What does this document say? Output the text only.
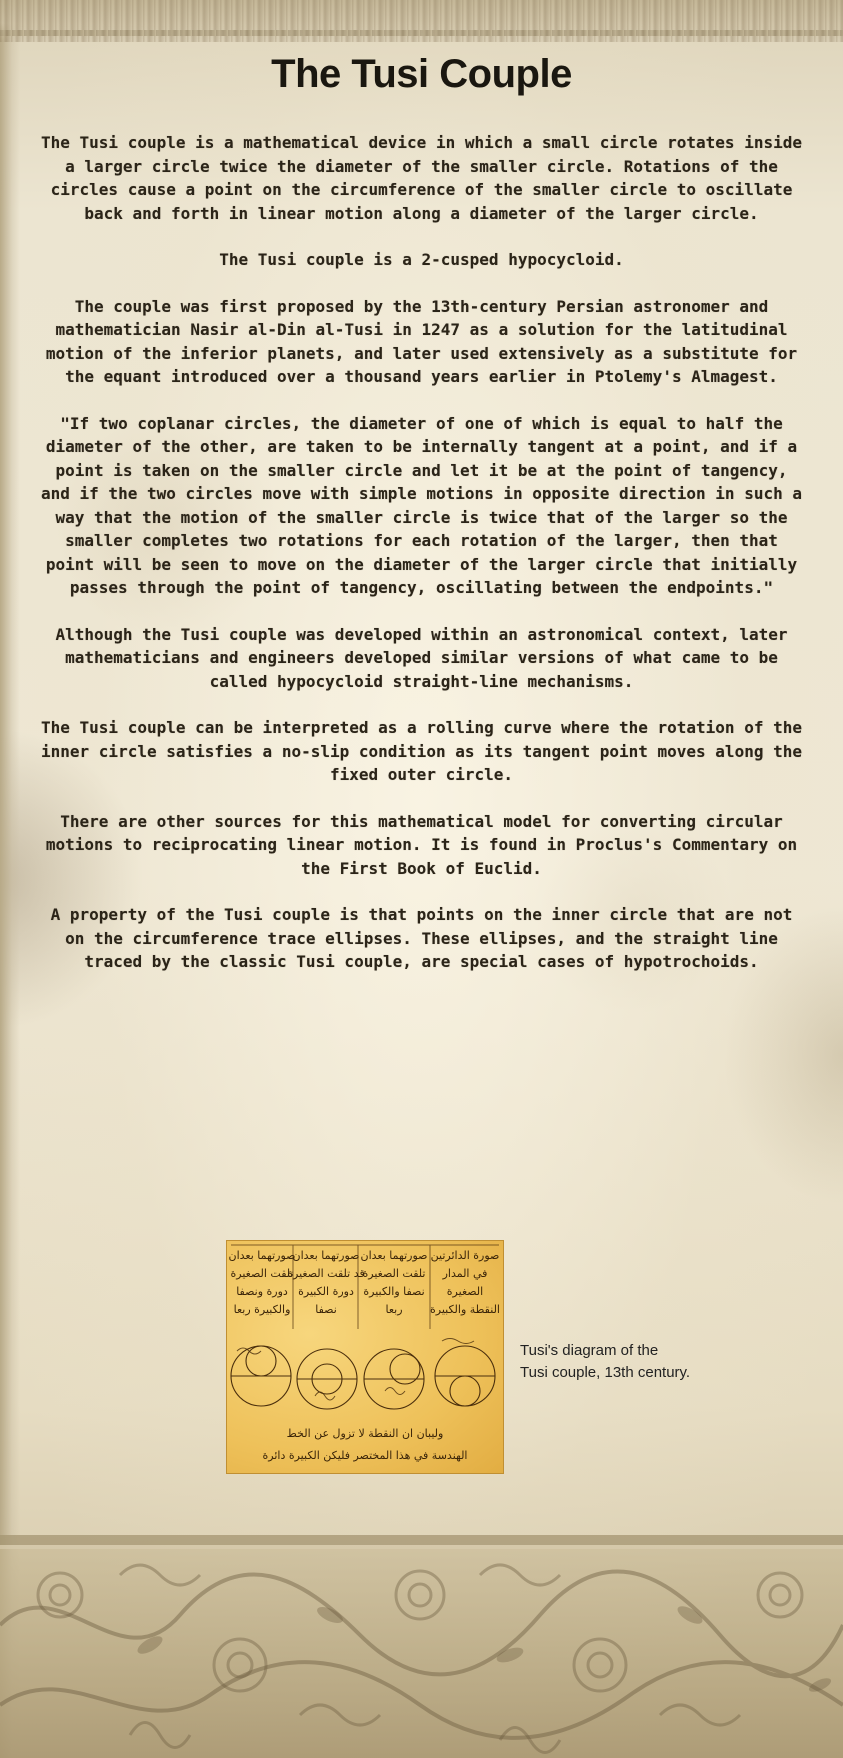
The Tusi Couple

The Tusi couple is a mathematical device in which a small circle rotates inside a larger circle twice the diameter of the smaller circle. Rotations of the circles cause a point on the circumference of the smaller circle to oscillate back and forth in linear motion along a diameter of the larger circle.

The Tusi couple is a 2-cusped hypocycloid.

The couple was first proposed by the 13th-century Persian astronomer and mathematician Nasir al-Din al-Tusi in 1247 as a solution for the latitudinal motion of the inferior planets, and later used extensively as a substitute for the equant introduced over a thousand years earlier in Ptolemy's Almagest.

"If two coplanar circles, the diameter of one of which is equal to half the diameter of the other, are taken to be internally tangent at a point, and if a point is taken on the smaller circle and let it be at the point of tangency, and if the two circles move with simple motions in opposite direction in such a way that the motion of the smaller circle is twice that of the larger so the smaller completes two rotations for each rotation of the larger, then that point will be seen to move on the diameter of the larger circle that initially passes through the point of tangency, oscillating between the endpoints."

Although the Tusi couple was developed within an astronomical context, later mathematicians and engineers developed similar versions of what came to be called hypocycloid straight-line mechanisms.

The Tusi couple can be interpreted as a rolling curve where the rotation of the inner circle satisfies a no-slip condition as its tangent point moves along the fixed outer circle.

There are other sources for this mathematical model for converting circular motions to reciprocating linear motion. It is found in Proclus's Commentary on the First Book of Euclid.

A property of the Tusi couple is that points on the inner circle that are not on the circumference trace ellipses. These ellipses, and the straight line traced by the classic Tusi couple, are special cases of hypotrochoids.

صورتهما بعدان
صورتهما بعدان صورتهما بعدان صورة الدائرتين
تلقت الصغيرة
قد تلقت الصغيرة
تلقت الصغيرة في المدار
دورة ونصفا دورة الكبيرة نصفا والكبيرة الصغيرة
والكبيرة ربعا نصفا	ربعا النقطة والكبيرة
وليبان ان النقطة لا تزول عن الخط
الهندسة في هذا المختصر فليكن الكبيرة دائرة
Tusi's diagram of the
Tusi couple, 13th century.
